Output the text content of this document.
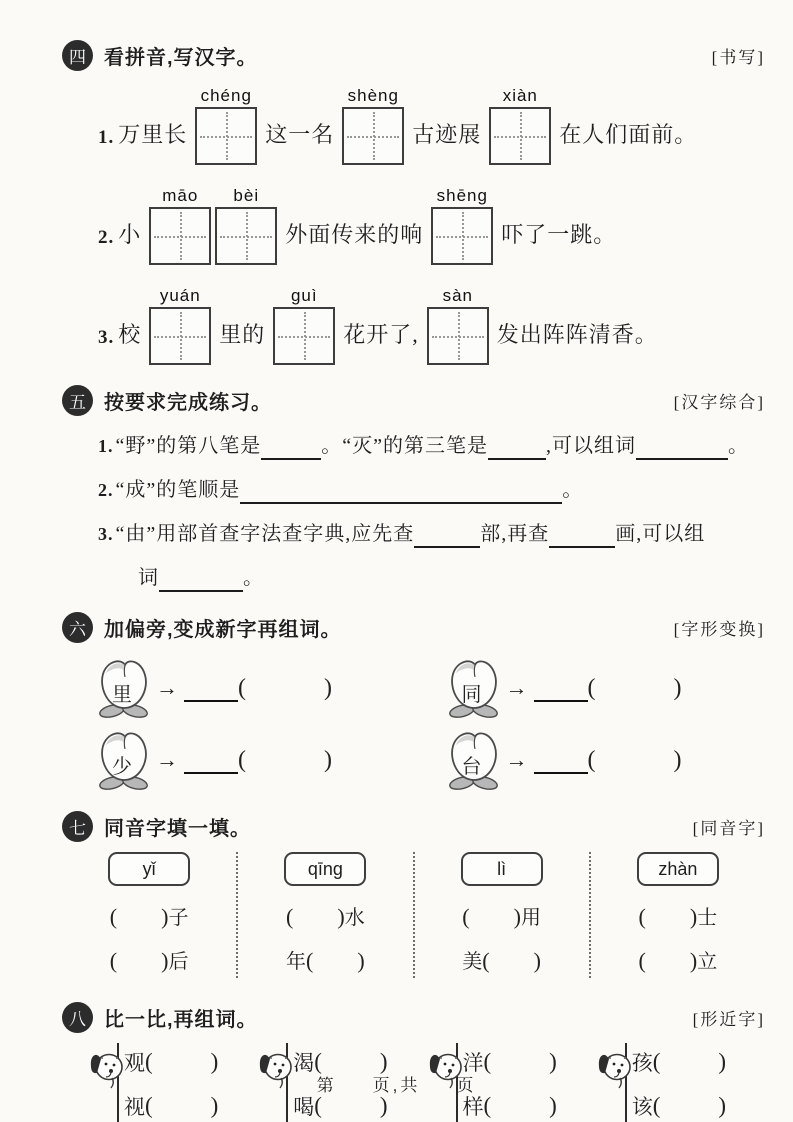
四 看拼音,写汉字。	[书写]
1. 万里长
chéng
这一名
shèng
古迹展
xiàn
在人们面前。
2. 小
māo bèi
外面传来的响
shēng
吓了一跳。
3. 校
yuán
里的
guì
花开了,
sàn
发出阵阵清香。
五 按要求完成练习。	[汉字综合]
1. “野”的第八笔是	。“灭”的第三笔是	,可以组词	。
2. “成”的笔顺是	。
3. “由”用部首查字法查字典,应先查	部,再查	画,可以组
词	。
六 加偏旁,变成新字再组词。	[字形变换]
里	→	(	)	同	→	(	)
少	→	(	)	台	→	(	)
七 同音字填一填。	[同音字]
yǐ
( )子
( )后
qīng
( )水
年( )
lì
( )用
美( )
zhàn
( )士
( )立
八 比一比,再组词。	[形近字]
观 (	)
视 (	)
渴 (	)
喝 (	)
洋 (	)
样 (	)
孩 (	)
该 (	)
第 页,共 页
